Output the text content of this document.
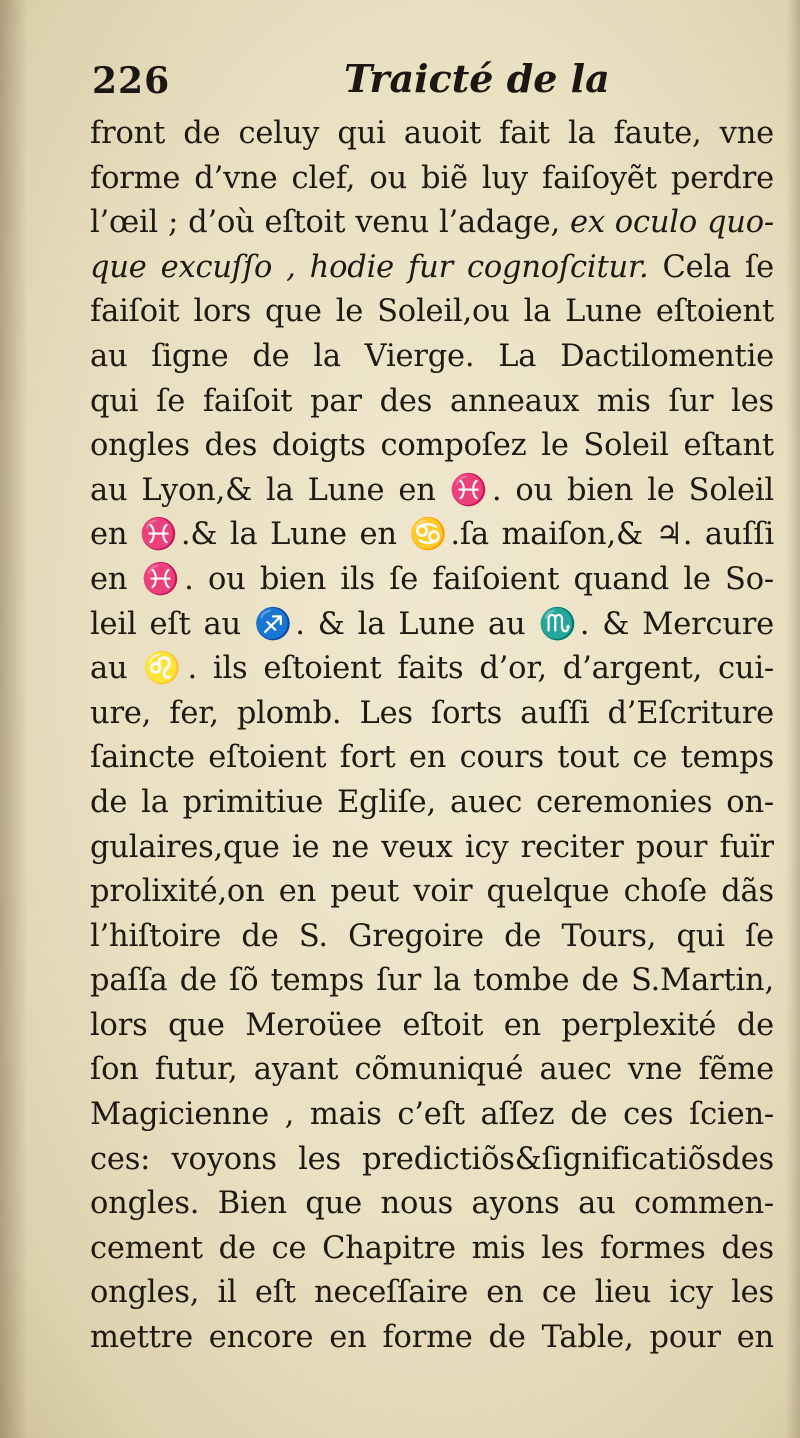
226	Traicté de la
front de celuy qui auoit fait la faute, vne
forme d’vne clef, ou biẽ luy faiſoyẽt perdre
l’œil ; d’où eſtoit venu l’adage, ex oculo quo-
que excuſſo , hodie fur cognoſcitur. Cela ſe
faiſoit lors que le Soleil,ou la Lune eſtoient
au ſigne de la Vierge. La Dactilomentie
qui ſe faiſoit par des anneaux mis ſur les
ongles des doigts compoſez le Soleil eſtant
au Lyon,& la Lune en ♓. ou bien le Soleil
en ♓.& la Lune en ♋.ſa maiſon,& ♃. auſſi
en ♓. ou bien ils ſe faiſoient quand le So-
leil eſt au ♐. & la Lune au ♏. & Mercure
au ♌. ils eſtoient faits d’or, d’argent, cui-
ure, fer, plomb. Les ſorts auſſi d’Eſcriture
ſaincte eſtoient fort en cours tout ce temps
de la primitiue Egliſe, auec ceremonies on-
gulaires,que ie ne veux icy reciter pour fuïr
prolixité,on en peut voir quelque choſe dãs
l’hiſtoire de S. Gregoire de Tours, qui ſe
paſſa de ſõ temps ſur la tombe de S.Martin,
lors que Meroüee eſtoit en perplexité de
ſon futur, ayant cõmuniqué auec vne fẽme
Magicienne , mais c’eſt aſſez de ces ſcien-
ces: voyons les predictiõs&ſignificatiõsdes
ongles. Bien que nous ayons au commen-
cement de ce Chapitre mis les formes des
ongles, il eſt neceſſaire en ce lieu icy les
mettre encore en forme de Table, pour en
